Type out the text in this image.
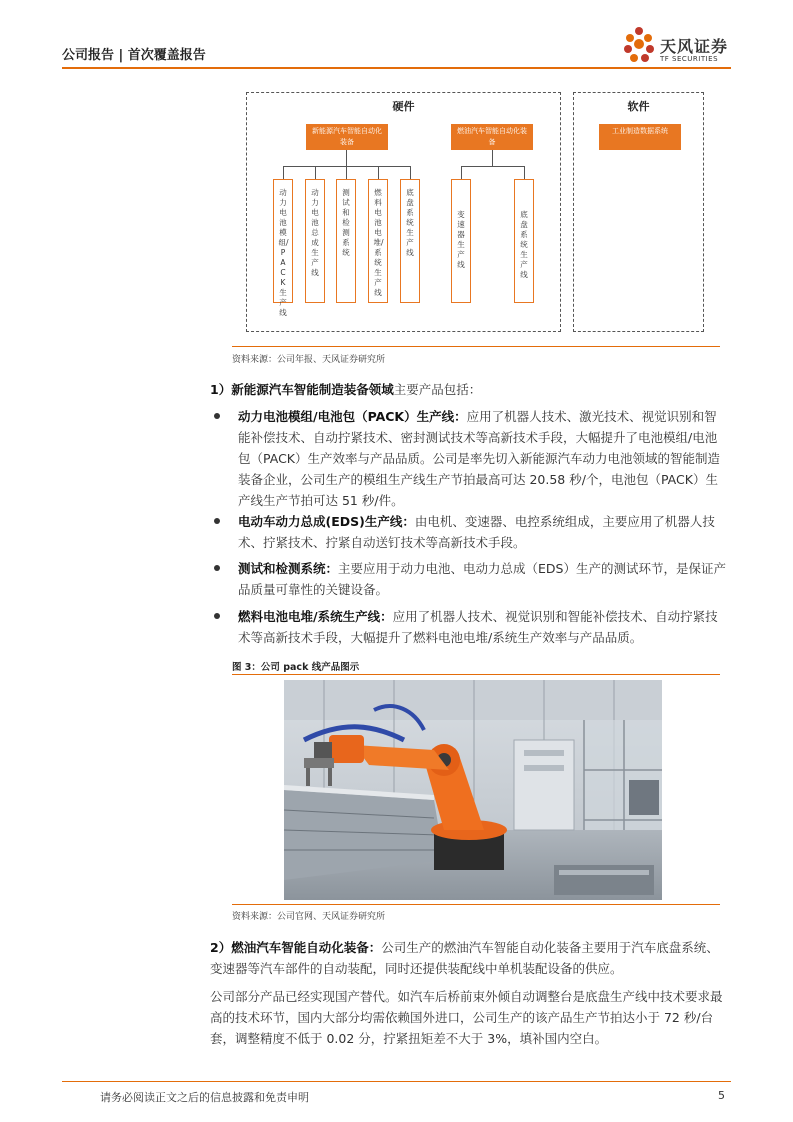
公司报告 | 首次覆盖报告	天风证券
TF SECURITIES
硬件	软件
新能源汽车智能自动化装备
燃油汽车智能自动化装备
工业制造数据系统
动力电池模组/PACK生产线
动力电池总成生产线
测试和检测系统
燃料电池电堆/系统生产线
底盘系统生产线
变速器生产线
底盘系统生产线
资料来源：公司年报、天风证券研究所
1）新能源汽车智能制造装备领域主要产品包括：
动力电池模组/电池包（PACK）生产线：应用了机器人技术、激光技术、视觉识别和智能补偿技术、自动拧紧技术、密封测试技术等高新技术手段，大幅提升了电池模组/电池包（PACK）生产效率与产品品质。公司是率先切入新能源汽车动力电池领域的智能制造装备企业，公司生产的模组生产线生产节拍最高可达 20.58 秒/个，电池包（PACK）生产线生产节拍可达 51 秒/件。
电动车动力总成(EDS)生产线：由电机、变速器、电控系统组成，主要应用了机器人技术、拧紧技术、拧紧自动送钉技术等高新技术手段。
测试和检测系统：主要应用于动力电池、电动力总成（EDS）生产的测试环节，是保证产品质量可靠性的关键设备。
燃料电池电堆/系统生产线：应用了机器人技术、视觉识别和智能补偿技术、自动拧紧技术等高新技术手段，大幅提升了燃料电池电堆/系统生产效率与产品品质。
图 3：公司 pack 线产品图示
资料来源：公司官网、天风证券研究所
2）燃油汽车智能自动化装备：公司生产的燃油汽车智能自动化装备主要用于汽车底盘系统、变速器等汽车部件的自动装配，同时还提供装配线中单机装配设备的供应。
公司部分产品已经实现国产替代。如汽车后桥前束外倾自动调整台是底盘生产线中技术要求最高的技术环节，国内大部分均需依赖国外进口，公司生产的该产品生产节拍达小于 72 秒/台套，调整精度不低于 0.02 分，拧紧扭矩差不大于 3%，填补国内空白。
请务必阅读正文之后的信息披露和免责申明	5
